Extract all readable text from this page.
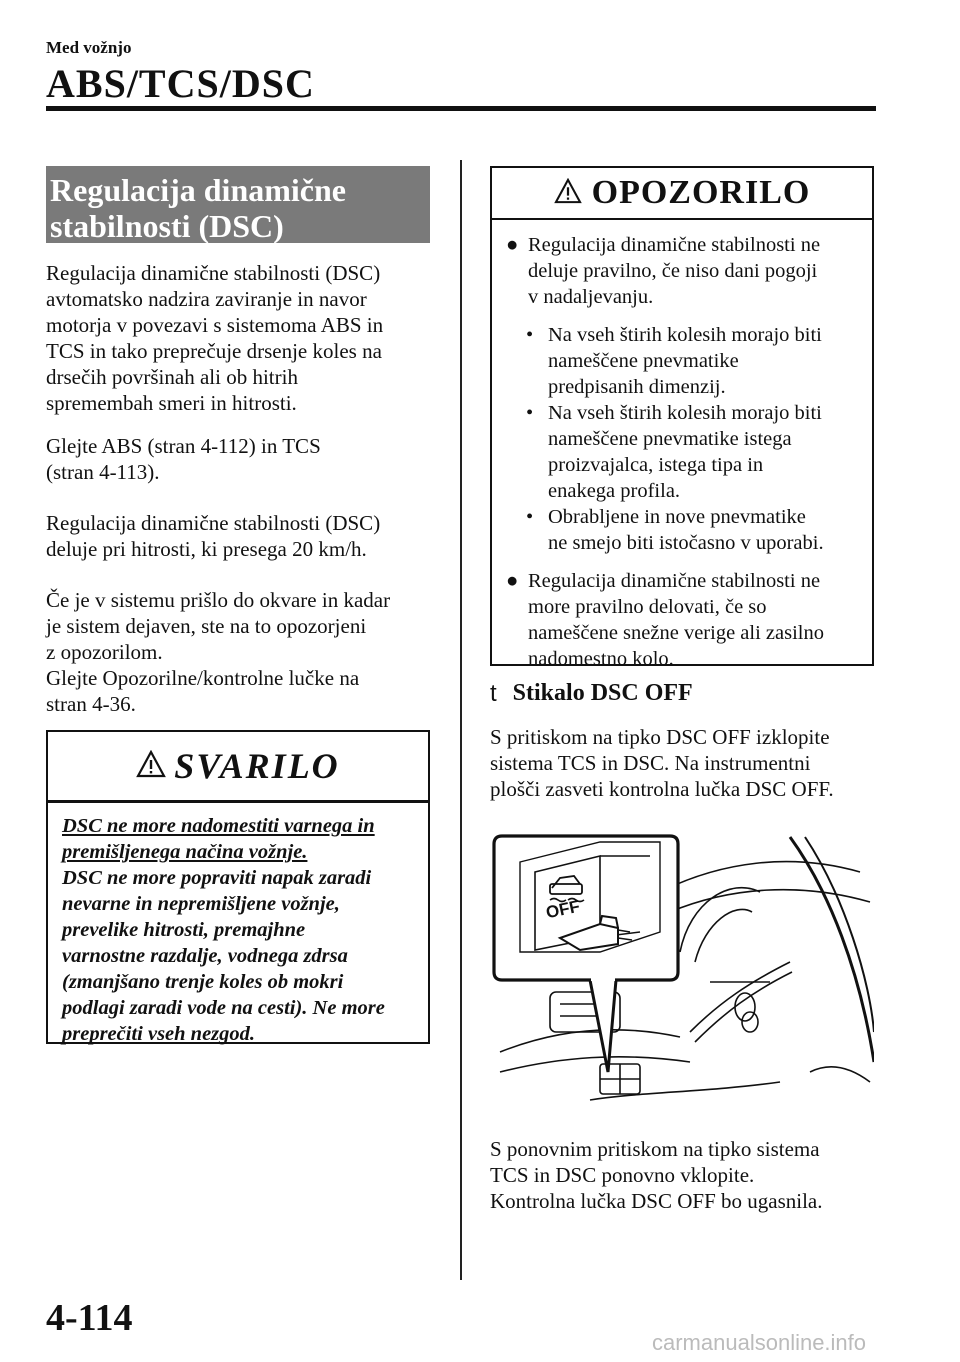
Med vožnjo
ABS/TCS/DSC
Regulacija dinamične
stabilnosti (DSC)
Regulacija dinamične stabilnosti (DSC)
avtomatsko nadzira zaviranje in navor
motorja v povezavi s sistemoma ABS in
TCS in tako preprečuje drsenje koles na
drsečih površinah ali ob hitrih
spremembah smeri in hitrosti.
Glejte ABS (stran 4-112) in TCS
(stran 4-113).
Regulacija dinamične stabilnosti (DSC)
deluje pri hitrosti, ki presega 20 km/h.
Če je v sistemu prišlo do okvare in kadar
je sistem dejaven, ste na to opozorjeni
z opozorilom.
Glejte Opozorilne/kontrolne lučke na
stran 4-36.
SVARILO
DSC ne more nadomestiti varnega in
premišljenega načina vožnje.
DSC ne more popraviti napak zaradi
nevarne in nepremišljene vožnje,
prevelike hitrosti, premajhne
varnostne razdalje, vodnega zdrsa
(zmanjšano trenje koles ob mokri
podlagi zaradi vode na cesti). Ne more
preprečiti vseh nezgod.
OPOZORILO
● Regulacija dinamične stabilnosti ne
deluje pravilno, če niso dani pogoji
v nadaljevanju.
• Na vseh štirih kolesih morajo biti
nameščene pnevmatike
predpisanih dimenzij.
• Na vseh štirih kolesih morajo biti
nameščene pnevmatike istega
proizvajalca, istega tipa in
enakega profila.
• Obrabljene in nove pnevmatike
ne smejo biti istočasno v uporabi.
● Regulacija dinamične stabilnosti ne
more pravilno delovati, če so
nameščene snežne verige ali zasilno
nadomestno kolo.
t Stikalo DSC OFF
S pritiskom na tipko DSC OFF izklopite
sistema TCS in DSC. Na instrumentni
plošči zasveti kontrolna lučka DSC OFF.
OFF
S ponovnim pritiskom na tipko sistema
TCS in DSC ponovno vklopite.
Kontrolna lučka DSC OFF bo ugasnila.
4-114
carmanualsonline.info
